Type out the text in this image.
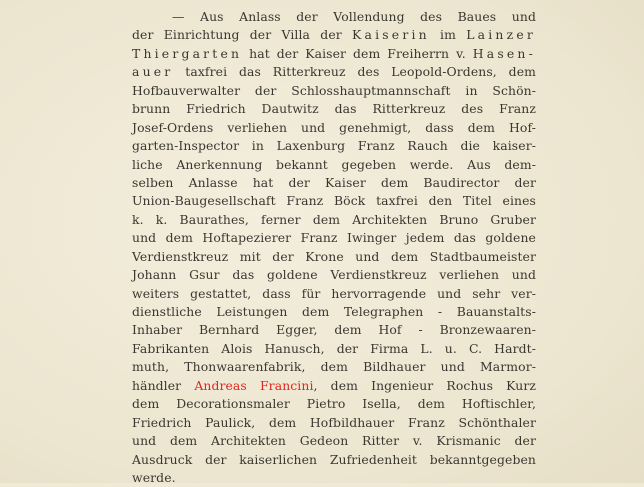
— Aus Anlass der Vollendung des Baues und
der Einrichtung der Villa der Kaiserin im Lainzer
Thiergarten hat der Kaiser dem Freiherrn v. Hasen-
auer taxfrei das Ritterkreuz des Leopold-Ordens, dem
Hofbauverwalter der Schlosshauptmannschaft in Schön-
brunn Friedrich Dautwitz das Ritterkreuz des Franz
Josef-Ordens verliehen und genehmigt, dass dem Hof-
garten-Inspector in Laxenburg Franz Rauch die kaiser-
liche Anerkennung bekannt gegeben werde. Aus dem-
selben Anlasse hat der Kaiser dem Baudirector der
Union-Baugesellschaft Franz Böck taxfrei den Titel eines
k. k. Baurathes, ferner dem Architekten Bruno Gruber
und dem Hoftapezierer Franz Iwinger jedem das goldene
Verdienstkreuz mit der Krone und dem Stadtbaumeister
Johann Gsur das goldene Verdienstkreuz verliehen und
weiters gestattet, dass für hervorragende und sehr ver-
dienstliche Leistungen dem Telegraphen - Bauanstalts-
Inhaber Bernhard Egger, dem Hof - Bronzewaaren-
Fabrikanten Alois Hanusch, der Firma L. u. C. Hardt-
muth, Thonwaarenfabrik, dem Bildhauer und Marmor-
händler Andreas Francini, dem Ingenieur Rochus Kurz
dem Decorationsmaler Pietro Isella, dem Hoftischler,
Friedrich Paulick, dem Hofbildhauer Franz Schönthaler
und dem Architekten Gedeon Ritter v. Krismanic der
Ausdruck der kaiserlichen Zufriedenheit bekanntgegeben
werde.
